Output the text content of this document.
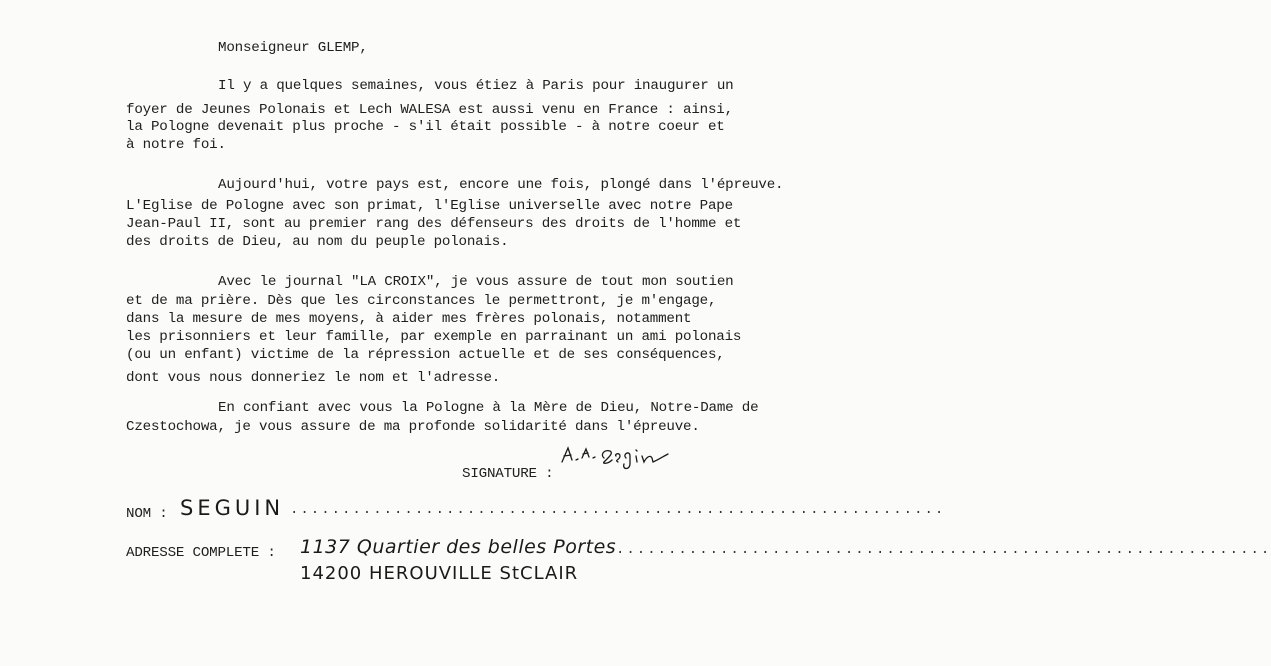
Monseigneur GLEMP,
Il y a quelques semaines, vous étiez à Paris pour inaugurer un
foyer de Jeunes Polonais et Lech WALESA est aussi venu en France : ainsi,
la Pologne devenait plus proche - s'il était possible - à notre coeur et
à notre foi.
Aujourd'hui, votre pays est, encore une fois, plongé dans l'épreuve.
L'Eglise de Pologne avec son primat, l'Eglise universelle avec notre Pape
Jean-Paul II, sont au premier rang des défenseurs des droits de l'homme et
des droits de Dieu, au nom du peuple polonais.
Avec le journal "LA CROIX", je vous assure de tout mon soutien
et de ma prière. Dès que les circonstances le permettront, je m'engage,
dans la mesure de mes moyens, à aider mes frères polonais, notamment
les prisonniers et leur famille, par exemple en parrainant un ami polonais
(ou un enfant) victime de la répression actuelle et de ses conséquences,
dont vous nous donneriez le nom et l'adresse.
En confiant avec vous la Pologne à la Mère de Dieu, Notre-Dame de
Czestochowa, je vous assure de ma profonde solidarité dans l'épreuve.
SIGNATURE :
NOM : SEGUIN ...............................................................
ADRESSE COMPLETE : 1137 Quartier des belles Portes ...............................................................
14200 HEROUVILLE StCLAIR
